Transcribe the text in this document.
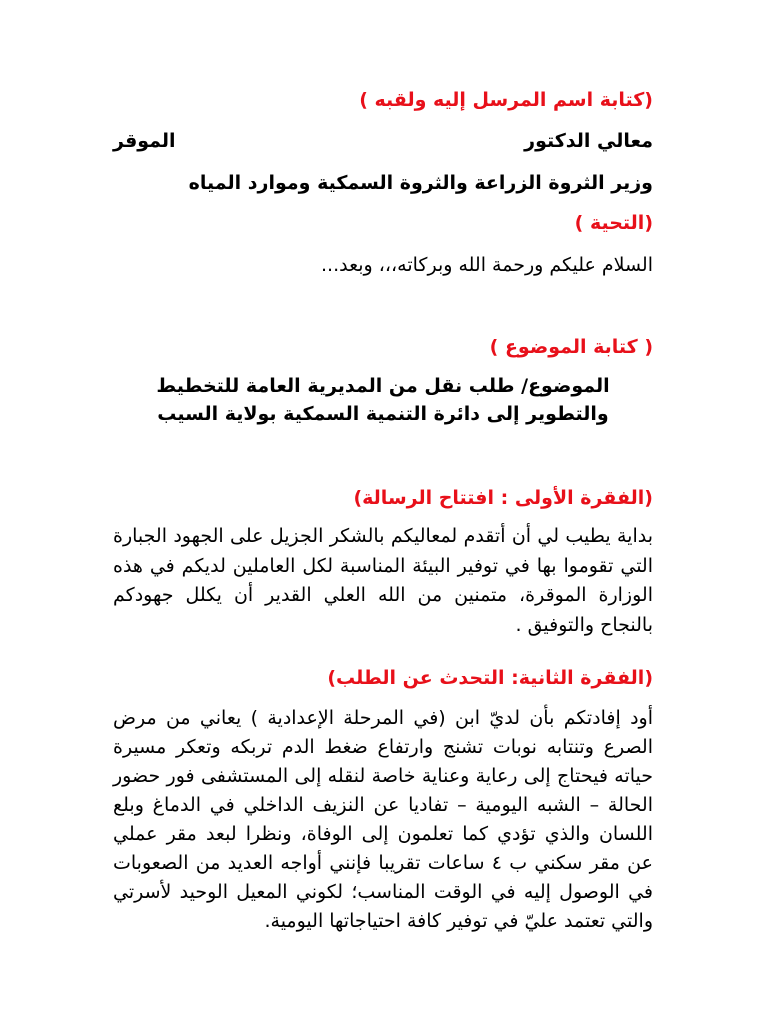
(كتابة اسم المرسل إليه ولقبه )
معالي الدكتور
الموقر
وزير الثروة الزراعة والثروة السمكية وموارد المياه
(التحية )
السلام عليكم ورحمة الله وبركاته،،، وبعد...
( كتابة الموضوع )
الموضوع/ طلب نقل من المديرية العامة للتخطيط والتطوير إلى دائرة التنمية السمكية بولاية السيب
(الفقرة الأولى : افتتاح الرسالة)
بداية يطيب لي أن أتقدم لمعاليكم بالشكر الجزيل على الجهود الجبارة التي تقوموا بها في توفير البيئة المناسبة لكل العاملين لديكم في هذه الوزارة الموقرة، متمنين من الله العلي القدير أن يكلل جهودكم بالنجاح والتوفيق .
(الفقرة الثانية: التحدث عن الطلب)
أود إفادتكم بأن لديّ ابن (في المرحلة الإعدادية ) يعاني من مرض الصرع وتنتابه نوبات تشنج وارتفاع ضغط الدم تربكه وتعكر مسيرة حياته فيحتاج إلى رعاية وعناية خاصة لنقله إلى المستشفى فور حضور الحالة – الشبه اليومية – تفاديا عن النزيف الداخلي في الدماغ وبلع اللسان والذي تؤدي كما تعلمون إلى الوفاة، ونظرا لبعد مقر عملي عن مقر سكني ب ٤ ساعات تقريبا فإنني أواجه العديد من الصعوبات في الوصول إليه في الوقت المناسب؛ لكوني المعيل الوحيد لأسرتي والتي تعتمد عليّ في توفير كافة احتياجاتها اليومية.
